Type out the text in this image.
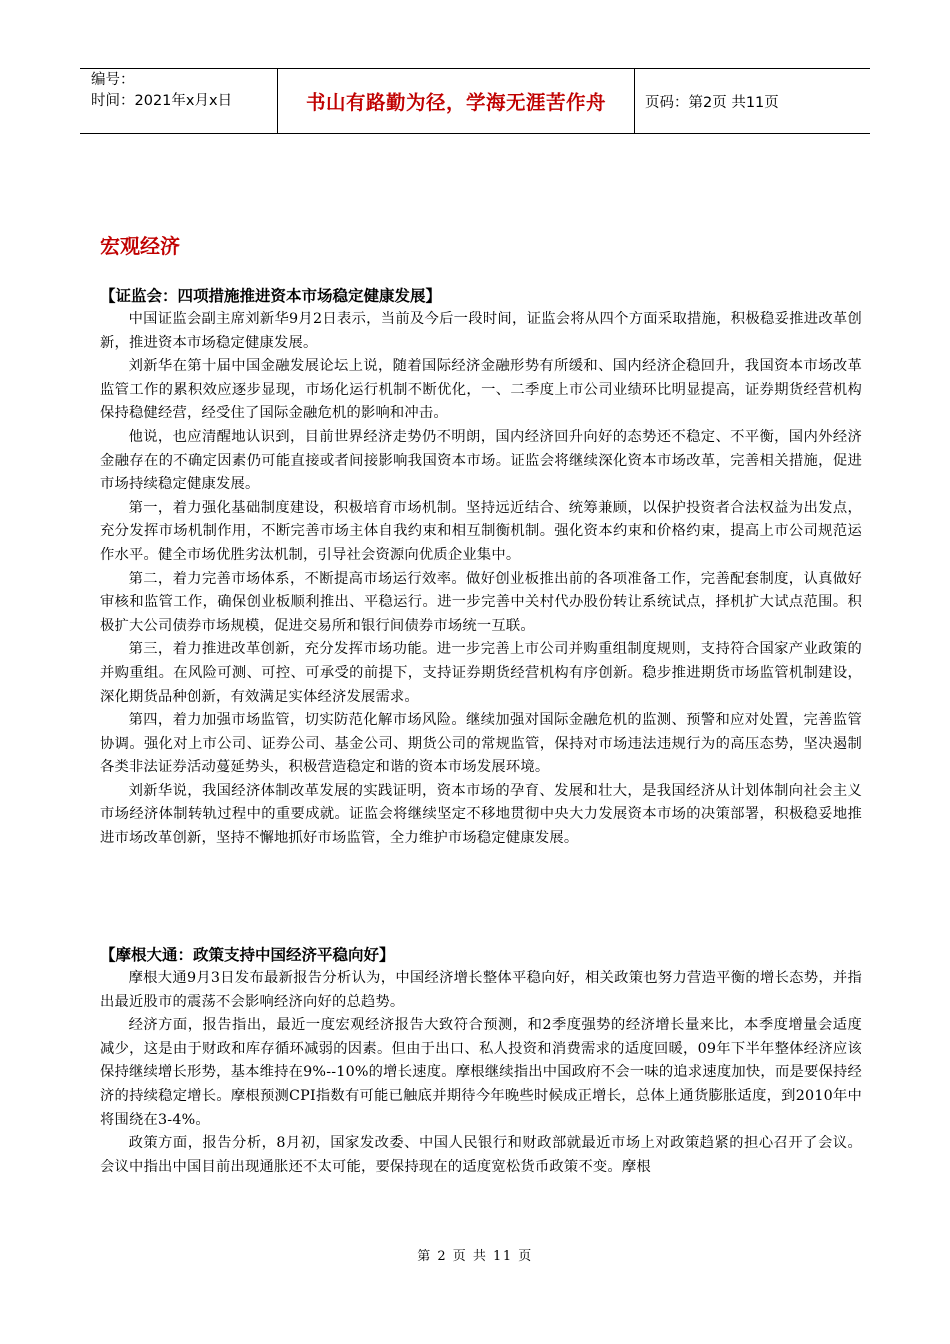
编号：
时间：2021年x月x日	书山有路勤为径，学海无涯苦作舟	页码：第2页 共11页
宏观经济
【证监会：四项措施推进资本市场稳定健康发展】

中国证监会副主席刘新华9月2日表示，当前及今后一段时间，证监会将从四个方面采取措施，积极稳妥推进改革创新，推进资本市场稳定健康发展。

刘新华在第十届中国金融发展论坛上说，随着国际经济金融形势有所缓和、国内经济企稳回升，我国资本市场改革监管工作的累积效应逐步显现，市场化运行机制不断优化，一、二季度上市公司业绩环比明显提高，证券期货经营机构保持稳健经营，经受住了国际金融危机的影响和冲击。

他说，也应清醒地认识到，目前世界经济走势仍不明朗，国内经济回升向好的态势还不稳定、不平衡，国内外经济金融存在的不确定因素仍可能直接或者间接影响我国资本市场。证监会将继续深化资本市场改革，完善相关措施，促进市场持续稳定健康发展。

第一，着力强化基础制度建设，积极培育市场机制。坚持远近结合、统筹兼顾，以保护投资者合法权益为出发点，充分发挥市场机制作用，不断完善市场主体自我约束和相互制衡机制。强化资本约束和价格约束，提高上市公司规范运作水平。健全市场优胜劣汰机制，引导社会资源向优质企业集中。

第二，着力完善市场体系，不断提高市场运行效率。做好创业板推出前的各项准备工作，完善配套制度，认真做好审核和监管工作，确保创业板顺利推出、平稳运行。进一步完善中关村代办股份转让系统试点，择机扩大试点范围。积极扩大公司债券市场规模，促进交易所和银行间债券市场统一互联。

第三，着力推进改革创新，充分发挥市场功能。进一步完善上市公司并购重组制度规则，支持符合国家产业政策的并购重组。在风险可测、可控、可承受的前提下，支持证券期货经营机构有序创新。稳步推进期货市场监管机制建设，深化期货品种创新，有效满足实体经济发展需求。

第四，着力加强市场监管，切实防范化解市场风险。继续加强对国际金融危机的监测、预警和应对处置，完善监管协调。强化对上市公司、证券公司、基金公司、期货公司的常规监管，保持对市场违法违规行为的高压态势，坚决遏制各类非法证券活动蔓延势头，积极营造稳定和谐的资本市场发展环境。

刘新华说，我国经济体制改革发展的实践证明，资本市场的孕育、发展和壮大，是我国经济从计划体制向社会主义市场经济体制转轨过程中的重要成就。证监会将继续坚定不移地贯彻中央大力发展资本市场的决策部署，积极稳妥地推进市场改革创新，坚持不懈地抓好市场监管，全力维护市场稳定健康发展。

【摩根大通：政策支持中国经济平稳向好】

摩根大通9月3日发布最新报告分析认为，中国经济增长整体平稳向好，相关政策也努力营造平衡的增长态势，并指出最近股市的震荡不会影响经济向好的总趋势。

经济方面，报告指出，最近一度宏观经济报告大致符合预测，和2季度强势的经济增长量来比，本季度增量会适度减少，这是由于财政和库存循环减弱的因素。但由于出口、私人投资和消费需求的适度回暖，09年下半年整体经济应该保持继续增长形势，基本维持在9%--10%的增长速度。摩根继续指出中国政府不会一味的追求速度加快，而是要保持经济的持续稳定增长。摩根预测CPI指数有可能已触底并期待今年晚些时候成正增长，总体上通货膨胀适度，到2010年中将围绕在3-4%。

政策方面，报告分析，8月初，国家发改委、中国人民银行和财政部就最近市场上对政策趋紧的担心召开了会议。会议中指出中国目前出现通胀还不太可能，要保持现在的适度宽松货币政策不变。摩根

第 2 页 共 11 页
